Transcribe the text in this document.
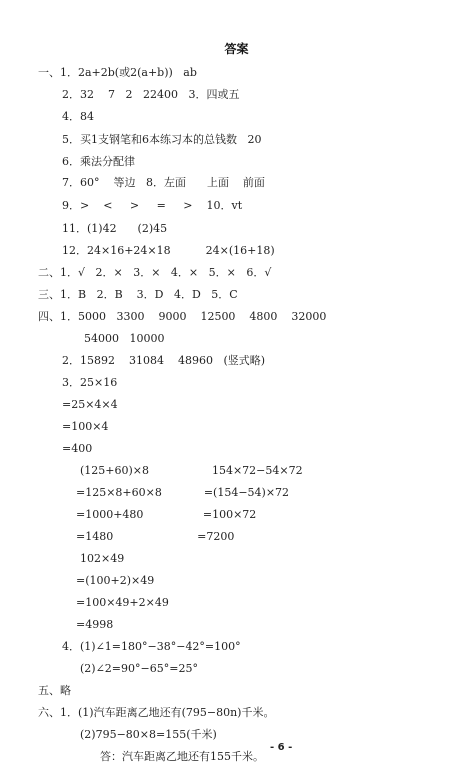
答案
一、1．2a+2b(或2(a+b))   ab
2．32    7   2   22400   3．四或五
4．84
5．买1支钢笔和6本练习本的总钱数   20
6．乘法分配律
7．60°    等边   8．左面      上面    前面
9．>    <     >     =     >    10．vt
11．(1)42      (2)45
12．24×16+24×18          24×(16+18)
二、1．√   2．×   3．×   4．×   5．×   6．√
三、1．B   2．B    3．D   4．D   5．C
四、1．5000   3300    9000    12500    4800    32000
54000   10000
2．15892    31084    48960   (竖式略)
3．25×16
=25×4×4
=100×4
=400
(125+60)×8                  154×72−54×72
=125×8+60×8            =(154−54)×72
=1000+480                 =100×72
=1480                        =7200
102×49
=(100+2)×49
=100×49+2×49
=4998
4．(1)∠1=180°−38°−42°=100°
(2)∠2=90°−65°=25°
五、略
六、1．(1)汽车距离乙地还有(795−80n)千米。
(2)795−80×8=155(千米)
答：汽车距离乙地还有155千米。
- 6 -
